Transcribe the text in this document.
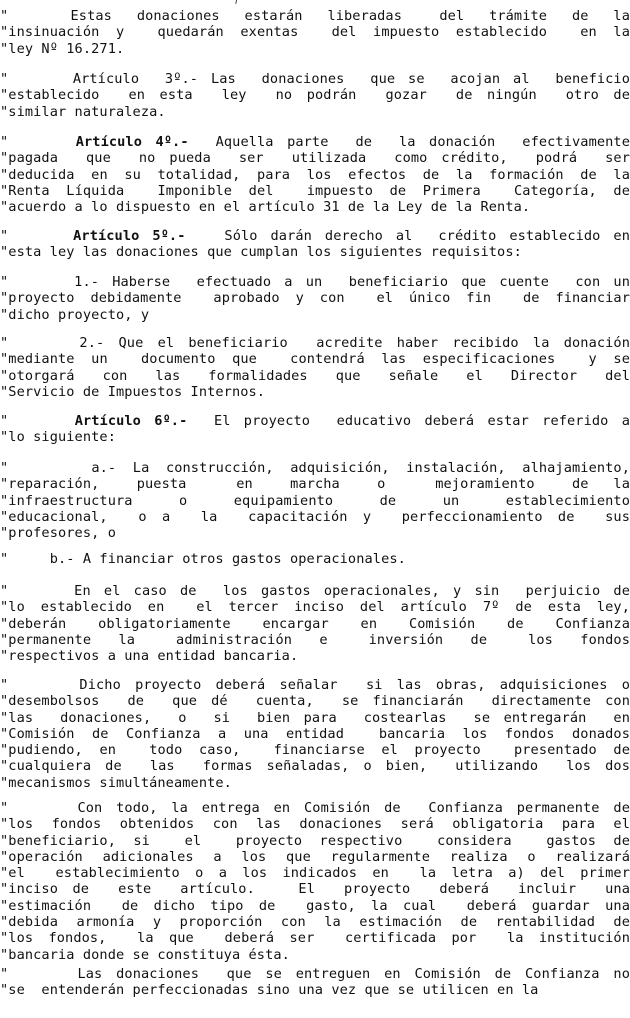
"     Estas  donaciones  estarán  liberadas   del  trámite  de  la
"insinuación y  quedarán exentas  del impuesto establecido  en la
"ley Nº 16.271.
"     Artículo  3º.- Las  donaciones  que se  acojan al  beneficio
"establecido  en esta  ley  no podrán  gozar  de ningún  otro de
"similar naturaleza.
"     Artículo 4º.-  Aquella parte  de  la donación  efectivamente
"pagada  que  no pueda  ser  utilizada  como crédito,  podrá  ser
"deducida en su totalidad, para los efectos de la formación de la
"Renta Líquida  Imponible del  impuesto de Primera  Categoría, de
"acuerdo a lo dispuesto en el artículo 31 de la Ley de la Renta.
"     Artículo 5º.-   Sólo darán derecho al  crédito establecido en
"esta ley las donaciones que cumplan los siguientes requisitos:
"     1.- Haberse  efectuado a un  beneficiario que cuente  con un
"proyecto debidamente  aprobado y con  el único fin  de financiar
"dicho proyecto, y
"     2.- Que el beneficiario  acredite haber recibido la donación
"mediante un  documento que  contendrá las especificaciones  y se
"otorgará  con  las  formalidades  que  señale  el  Director  del
"Servicio de Impuestos Internos.
"     Artículo 6º.-  El proyecto  educativo deberá estar referido a
"lo siguiente:
"     a.- La construcción, adquisición, instalación, alhajamiento,
"reparación,   puesta    en   marcha   o    mejoramiento   de  la
"infraestructura    o    equipamiento    de    un    establecimiento
"educacional,  o a  la  capacitación y  perfeccionamiento de  sus
"profesores, o
"     b.- A financiar otros gastos operacionales.
"     En el caso de  los gastos operacionales, y sin  perjuicio de
"lo establecido en  el tercer inciso del artículo 7º de esta ley,
"deberán  obligatoriamente  encargar  en  Comisión  de  Confianza
"permanente  la   administración  e   inversión  de   los  fondos
"respectivos a una entidad bancaria.
"     Dicho proyecto deberá señalar  si las obras, adquisiciones o
"desembolsos  de  que dé  cuenta,  se financiarán  directamente con
"las  donaciones,  o  si  bien para  costearlas  se entregarán  en
"Comisión de Confianza a una entidad  bancaria los fondos donados
"pudiendo, en  todo caso,  financiarse el proyecto  presentado de
"cualquiera de  las  formas señaladas, o bien,  utilizando  los dos
"mecanismos simultáneamente.
"     Con todo, la entrega en Comisión de  Confianza permanente de
"los fondos obtenidos con las donaciones será obligatoria para el
"beneficiario, si  el  proyecto respectivo  considera  gastos de
"operación adicionales a los que regularmente realiza o realizará
"el  establecimiento o a los indicados en  la letra a) del primer
"inciso de  este  artículo.   El  proyecto  deberá  incluir  una
"estimación  de dicho tipo de  gasto, la cual  deberá guardar una
"debida armonía y proporción con la estimación de rentabilidad de
"los fondos,  la que  deberá ser  certificada por  la institución
"bancaria donde se constituya ésta.
"     Las donaciones  que se entreguen en Comisión de Confianza no
"se  entenderán perfeccionadas sino una vez que se utilicen en la
